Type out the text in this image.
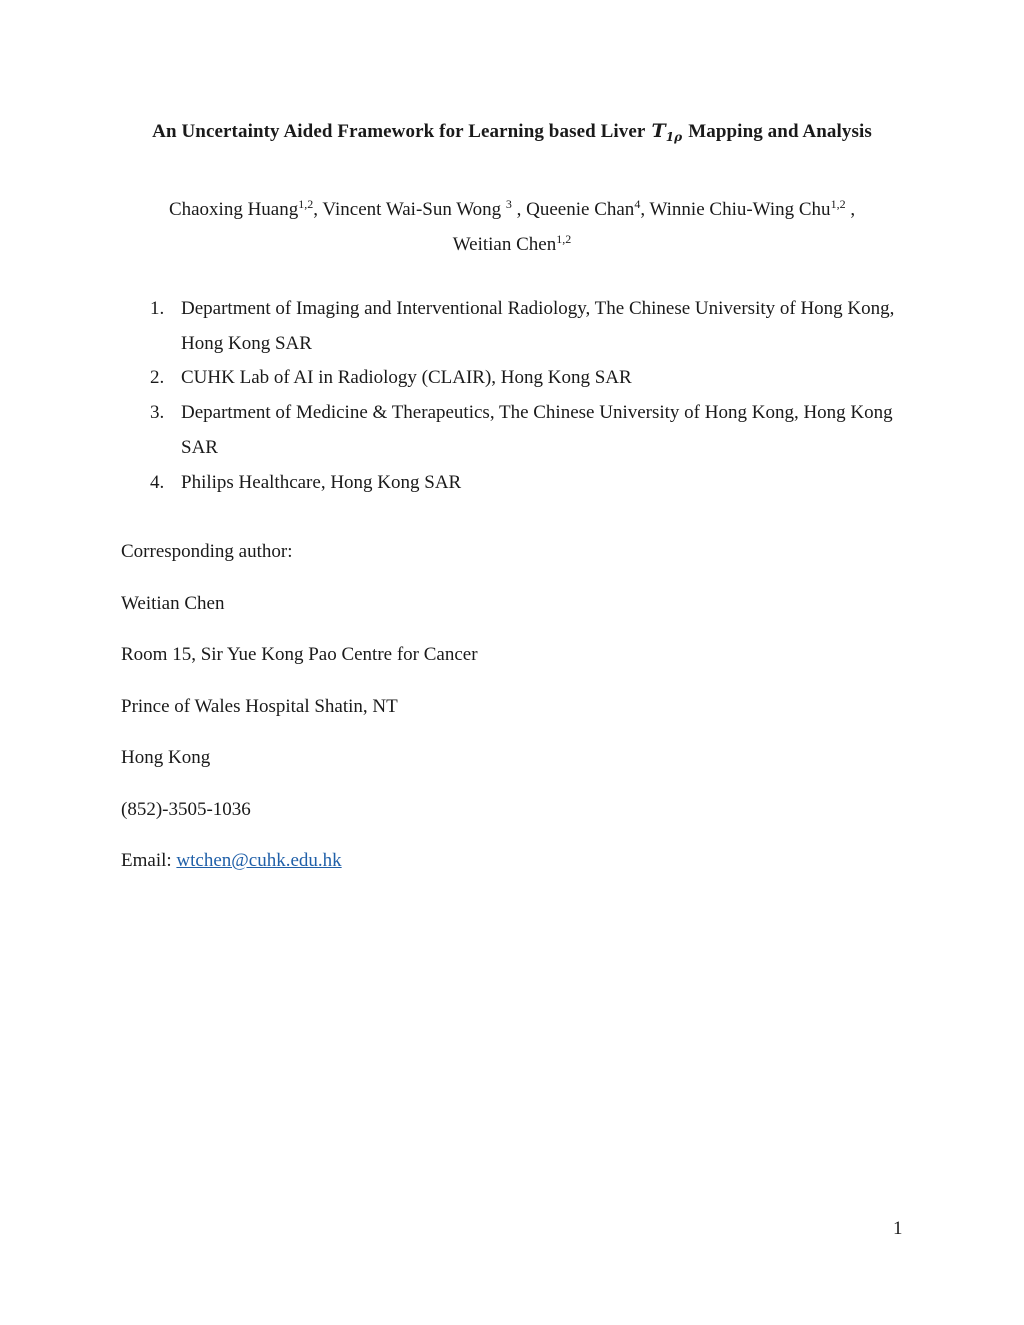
An Uncertainty Aided Framework for Learning based Liver $T_{1\rho}$ Mapping and Analysis
Chaoxing Huang$^{1,2}$, Vincent Wai-Sun Wong $^3$ , Queenie Chan$^4$, Winnie Chiu-Wing Chu$^{1,2}$ ,
Weitian Chen$^{1,2}$
1. Department of Imaging and Interventional Radiology, The Chinese University of Hong Kong, Hong Kong SAR
2. CUHK Lab of AI in Radiology (CLAIR), Hong Kong SAR
3. Department of Medicine & Therapeutics, The Chinese University of Hong Kong, Hong Kong SAR
4. Philips Healthcare, Hong Kong SAR
Corresponding author:
Weitian Chen
Room 15, Sir Yue Kong Pao Centre for Cancer
Prince of Wales Hospital Shatin, NT
Hong Kong
(852)-3505-1036
Email: wtchen@cuhk.edu.hk
1
